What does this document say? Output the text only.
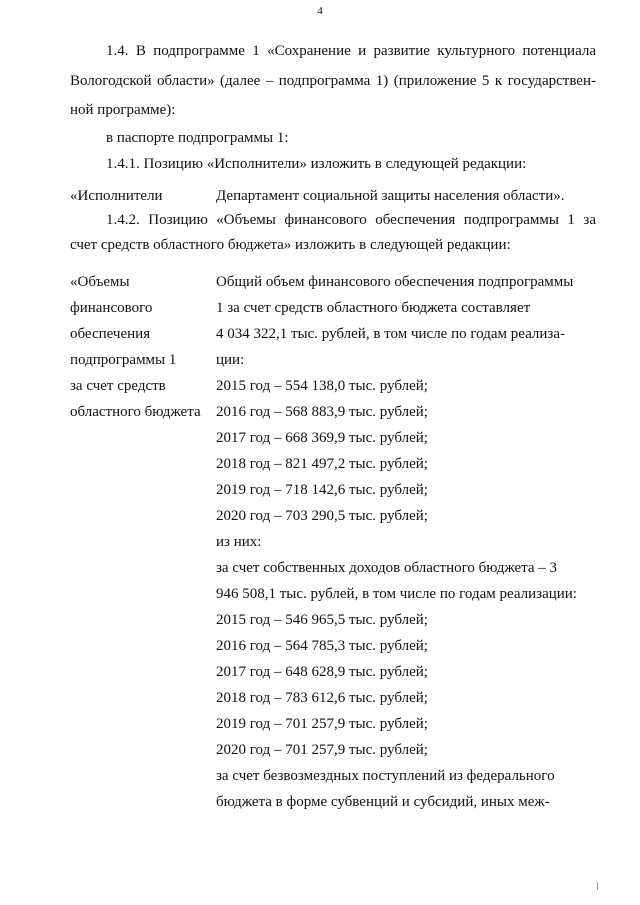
4
1.4. В подпрограмме 1 «Сохранение и развитие культурного потенциала
Вологодской области» (далее – подпрограмма 1) (приложение 5 к государствен-
ной программе):
в паспорте подпрограммы 1:
1.4.1. Позицию «Исполнители» изложить в следующей редакции:
«Исполнители	Департамент социальной защиты населения области».
1.4.2. Позицию «Объемы финансового обеспечения подпрограммы 1 за
счет средств областного бюджета» изложить в следующей редакции:
«Объемы
финансового
обеспечения
подпрограммы 1
за счет средств
областного бюджета
Общий объем финансового обеспечения подпрограммы
1 за счет средств областного бюджета составляет
4 034 322,1 тыс. рублей, в том числе по годам реализа-
ции:
2015 год – 554 138,0 тыс. рублей;
2016 год – 568 883,9 тыс. рублей;
2017 год – 668 369,9 тыс. рублей;
2018 год – 821 497,2 тыс. рублей;
2019 год – 718 142,6 тыс. рублей;
2020 год – 703 290,5 тыс. рублей;
из них:
за счет собственных доходов областного бюджета – 3
946 508,1 тыс. рублей, в том числе по годам реализации:
2015 год – 546 965,5 тыс. рублей;
2016 год – 564 785,3 тыс. рублей;
2017 год – 648 628,9 тыс. рублей;
2018 год – 783 612,6 тыс. рублей;
2019 год – 701 257,9 тыс. рублей;
2020 год – 701 257,9 тыс. рублей;
за счет безвозмездных поступлений из федерального
бюджета в форме субвенций и субсидий, иных меж-
